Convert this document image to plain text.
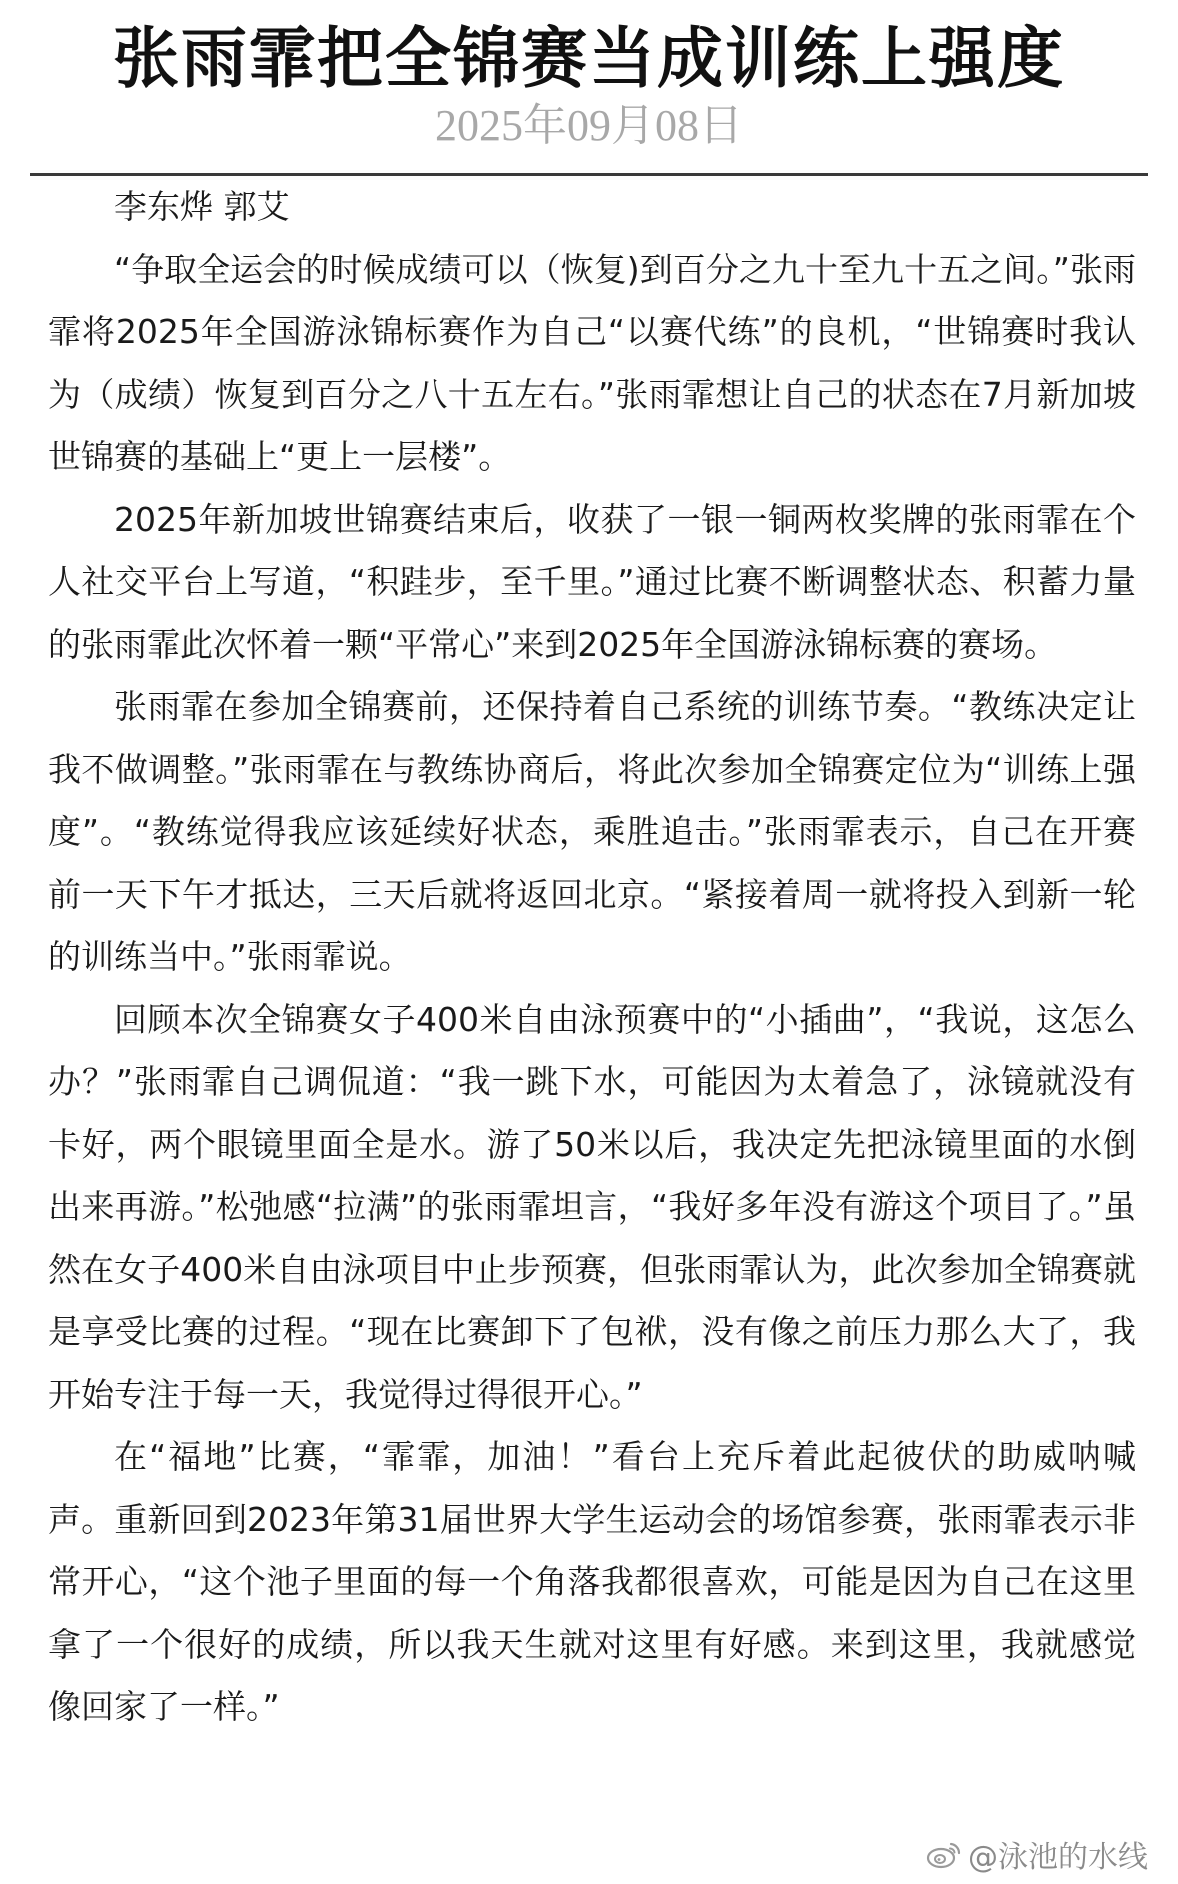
张雨霏把全锦赛当成训练上强度
2025年09月08日

李东烨 郭艾

“争取全运会的时候成绩可以（恢复)到百分之九十至九十五之间。”张雨霏将2025年全国游泳锦标赛作为自己“以赛代练”的良机，“世锦赛时我认为（成绩）恢复到百分之八十五左右。”张雨霏想让自己的状态在7月新加坡世锦赛的基础上“更上一层楼”。

2025年新加坡世锦赛结束后，收获了一银一铜两枚奖牌的张雨霏在个人社交平台上写道，“积跬步，至千里。”通过比赛不断调整状态、积蓄力量的张雨霏此次怀着一颗“平常心”来到2025年全国游泳锦标赛的赛场。

张雨霏在参加全锦赛前，还保持着自己系统的训练节奏。“教练决定让我不做调整。”张雨霏在与教练协商后，将此次参加全锦赛定位为“训练上强度”。“教练觉得我应该延续好状态，乘胜追击。”张雨霏表示，自己在开赛前一天下午才抵达，三天后就将返回北京。“紧接着周一就将投入到新一轮的训练当中。”张雨霏说。

回顾本次全锦赛女子400米自由泳预赛中的“小插曲”，“我说，这怎么办？”张雨霏自己调侃道：“我一跳下水，可能因为太着急了，泳镜就没有卡好，两个眼镜里面全是水。游了50米以后，我决定先把泳镜里面的水倒出来再游。”松弛感“拉满”的张雨霏坦言，“我好多年没有游这个项目了。”虽然在女子400米自由泳项目中止步预赛，但张雨霏认为，此次参加全锦赛就是享受比赛的过程。“现在比赛卸下了包袱，没有像之前压力那么大了，我开始专注于每一天，我觉得过得很开心。”

在“福地”比赛，“霏霏，加油！”看台上充斥着此起彼伏的助威呐喊声。重新回到2023年第31届世界大学生运动会的场馆参赛，张雨霏表示非常开心，“这个池子里面的每一个角落我都很喜欢，可能是因为自己在这里拿了一个很好的成绩，所以我天生就对这里有好感。来到这里，我就感觉像回家了一样。”

@泳池的水线
